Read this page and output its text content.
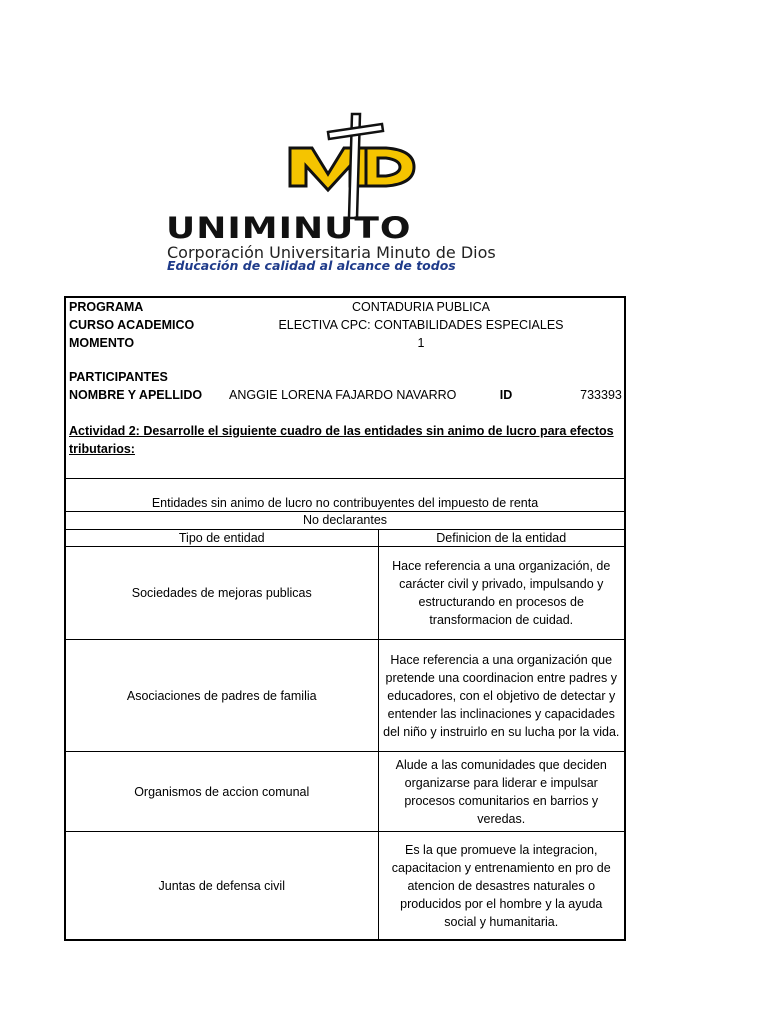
UNIMINUTO
Corporación Universitaria Minuto de Dios
Educación de calidad al alcance de todos
PROGRAMA	CONTADURIA PUBLICA
CURSO ACADEMICO	ELECTIVA CPC: CONTABILIDADES ESPECIALES
MOMENTO	1
PARTICIPANTES
NOMBRE Y APELLIDO ANGGIE LORENA FAJARDO NAVARRO	ID	733393
Actividad 2: Desarrolle el siguiente cuadro de las entidades sin animo de lucro para efectos tributarios:
Entidades sin animo de lucro no contribuyentes del impuesto de renta
No declarantes
Tipo de entidad	Definicion de la entidad
Sociedades de mejoras publicas	Hace referencia a una organización, de carácter civil y privado, impulsando y estructurando en procesos de transformacion de cuidad.
Asociaciones de padres de familia	Hace referencia a una organización que pretende una coordinacion entre padres y educadores, con el objetivo de detectar y entender las inclinaciones y capacidades del niño y instruirlo en su lucha por la vida.
Organismos de accion comunal	Alude a las comunidades que deciden organizarse para liderar e impulsar procesos comunitarios en barrios y veredas.
Juntas de defensa civil	Es la que promueve la integracion, capacitacion y entrenamiento en pro de atencion de desastres naturales o producidos por el hombre y la ayuda social y humanitaria.
